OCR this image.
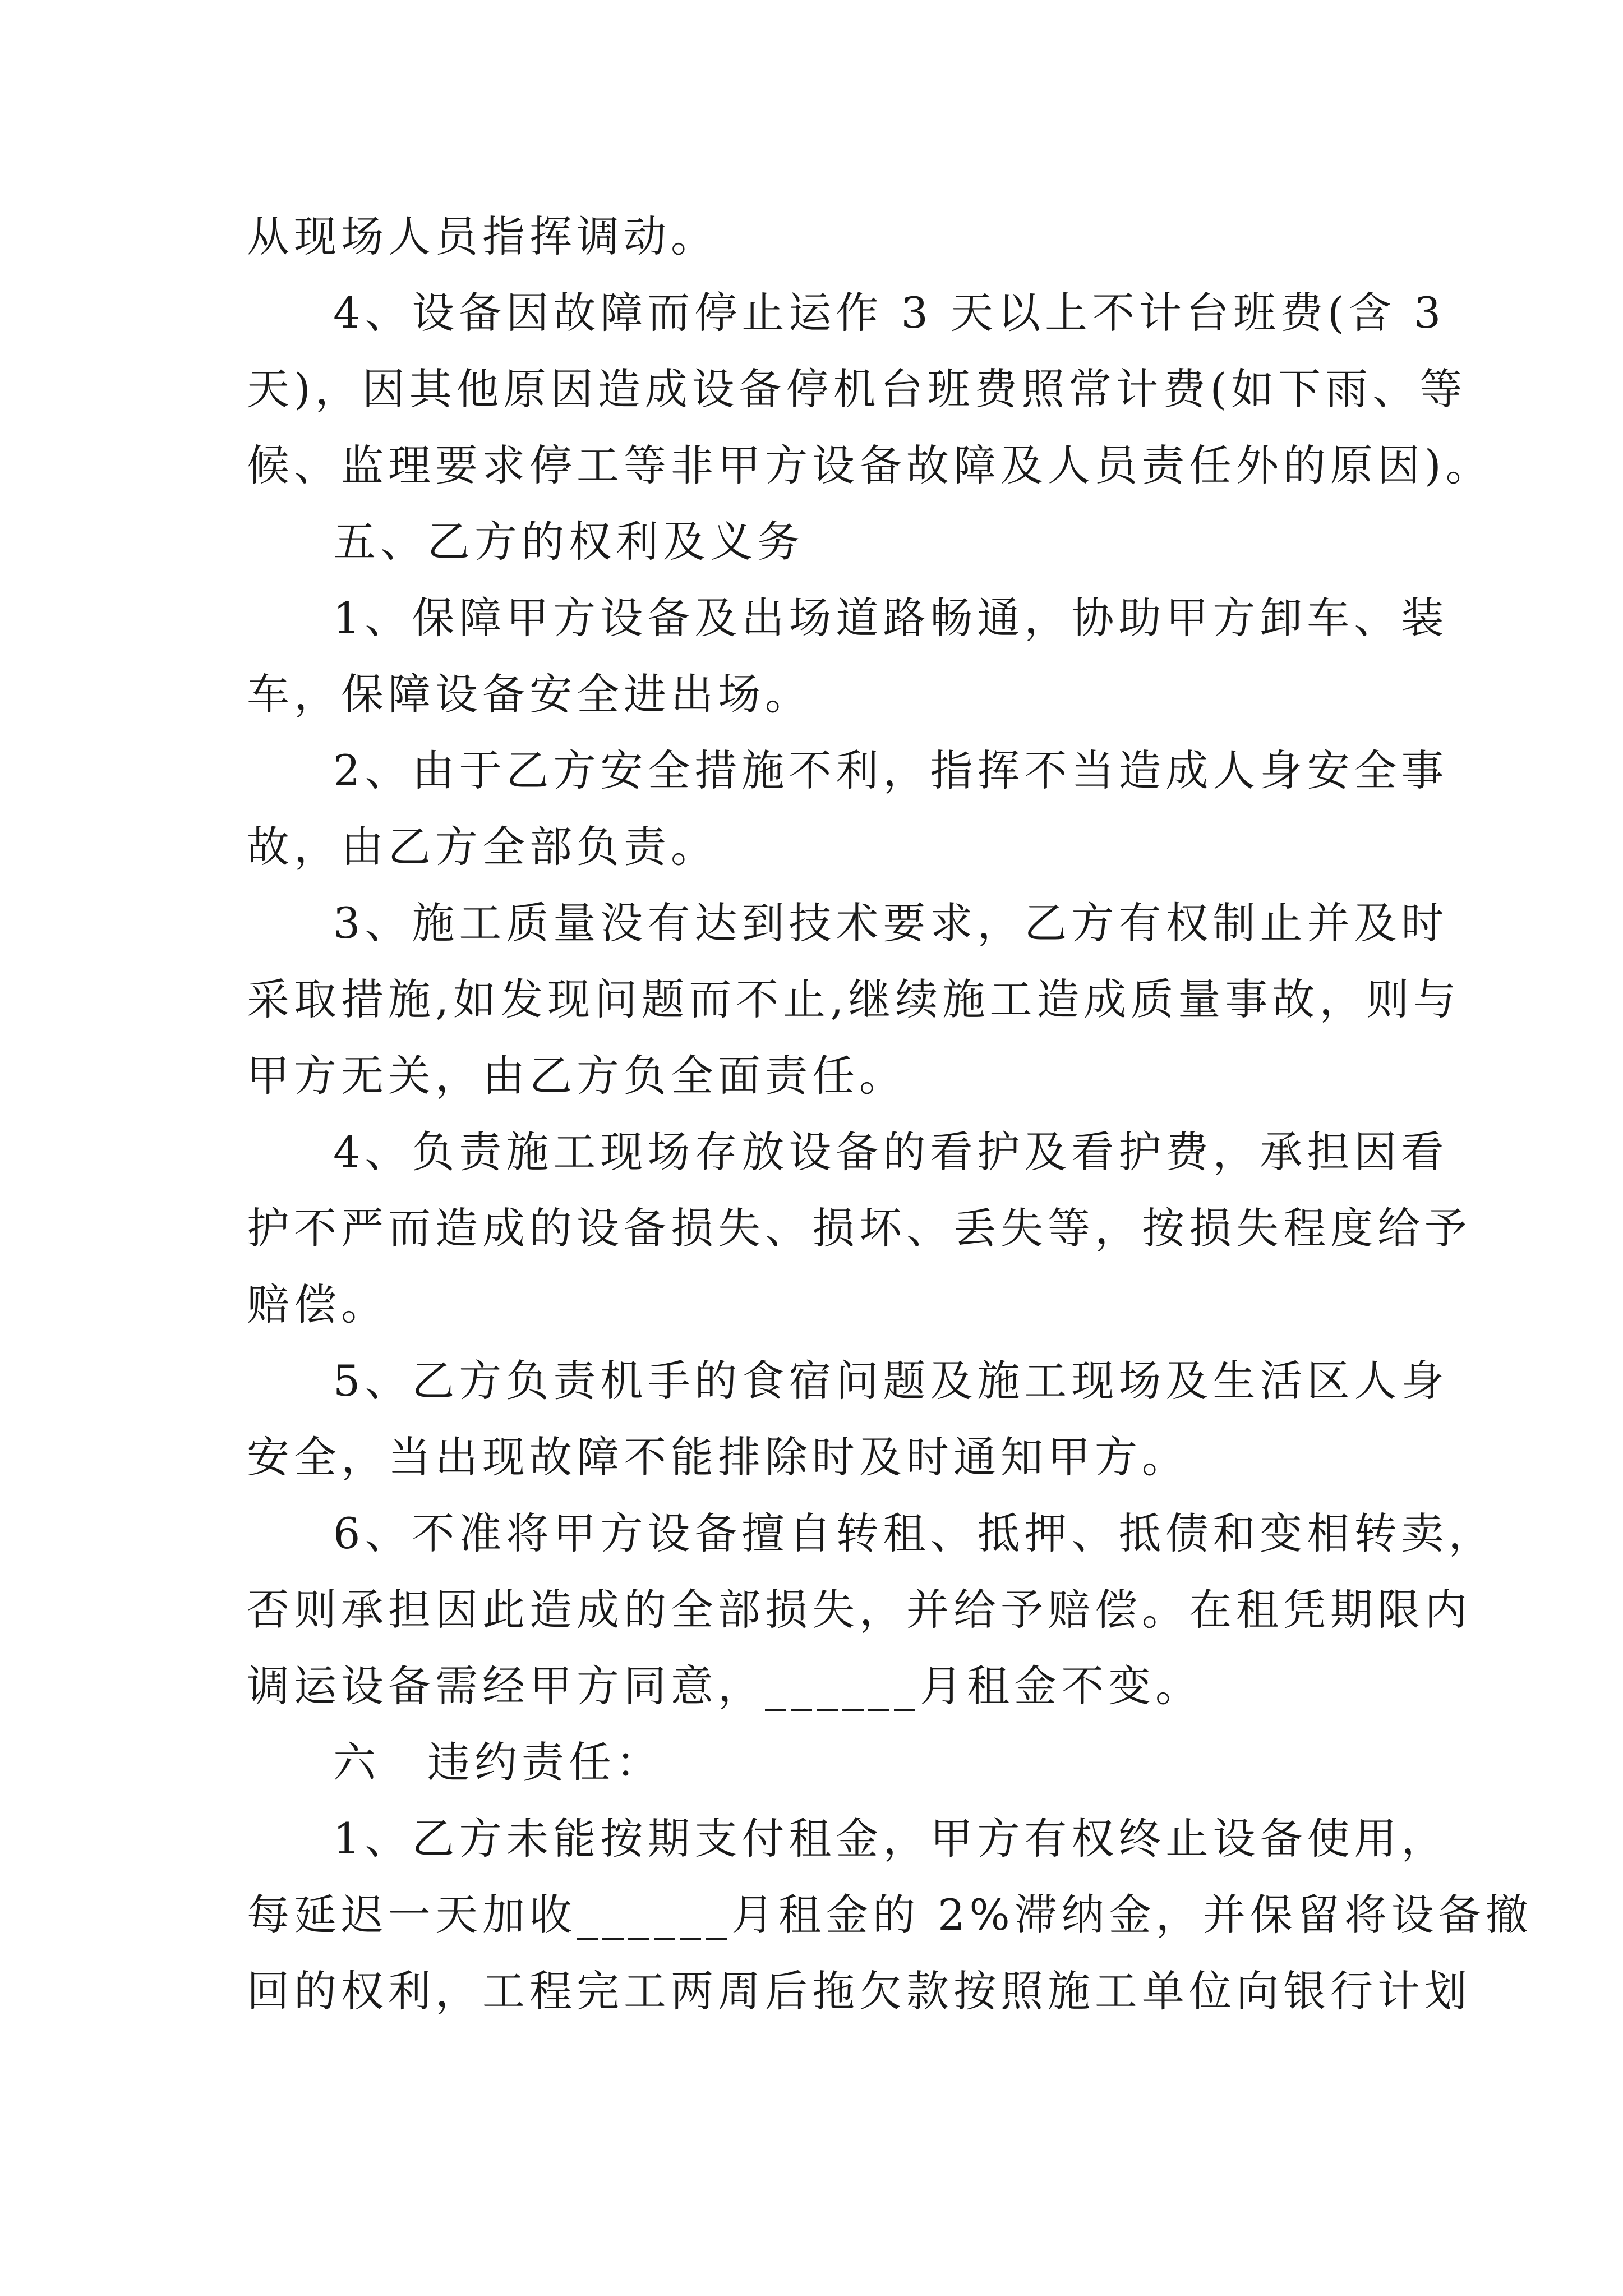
从现场人员指挥调动。

4、设备因故障而停止运作 3 天以上不计台班费(含 3

天)，因其他原因造成设备停机台班费照常计费(如下雨、等

候、监理要求停工等非甲方设备故障及人员责任外的原因)。

五、乙方的权利及义务

1、保障甲方设备及出场道路畅通，协助甲方卸车、装

车，保障设备安全进出场。

2、由于乙方安全措施不利，指挥不当造成人身安全事

故，由乙方全部负责。

3、施工质量没有达到技术要求，乙方有权制止并及时

采取措施,如发现问题而不止,继续施工造成质量事故，则与

甲方无关，由乙方负全面责任。

4、负责施工现场存放设备的看护及看护费，承担因看

护不严而造成的设备损失、损坏、丢失等，按损失程度给予

赔偿。

5、乙方负责机手的食宿问题及施工现场及生活区人身

安全，当出现故障不能排除时及时通知甲方。

6、不准将甲方设备擅自转租、抵押、抵债和变相转卖，

否则承担因此造成的全部损失，并给予赔偿。在租凭期限内

调运设备需经甲方同意，______月租金不变。

六　违约责任：

1、乙方未能按期支付租金，甲方有权终止设备使用，

每延迟一天加收______月租金的 2%滞纳金，并保留将设备撤

回的权利，工程完工两周后拖欠款按照施工单位向银行计划
